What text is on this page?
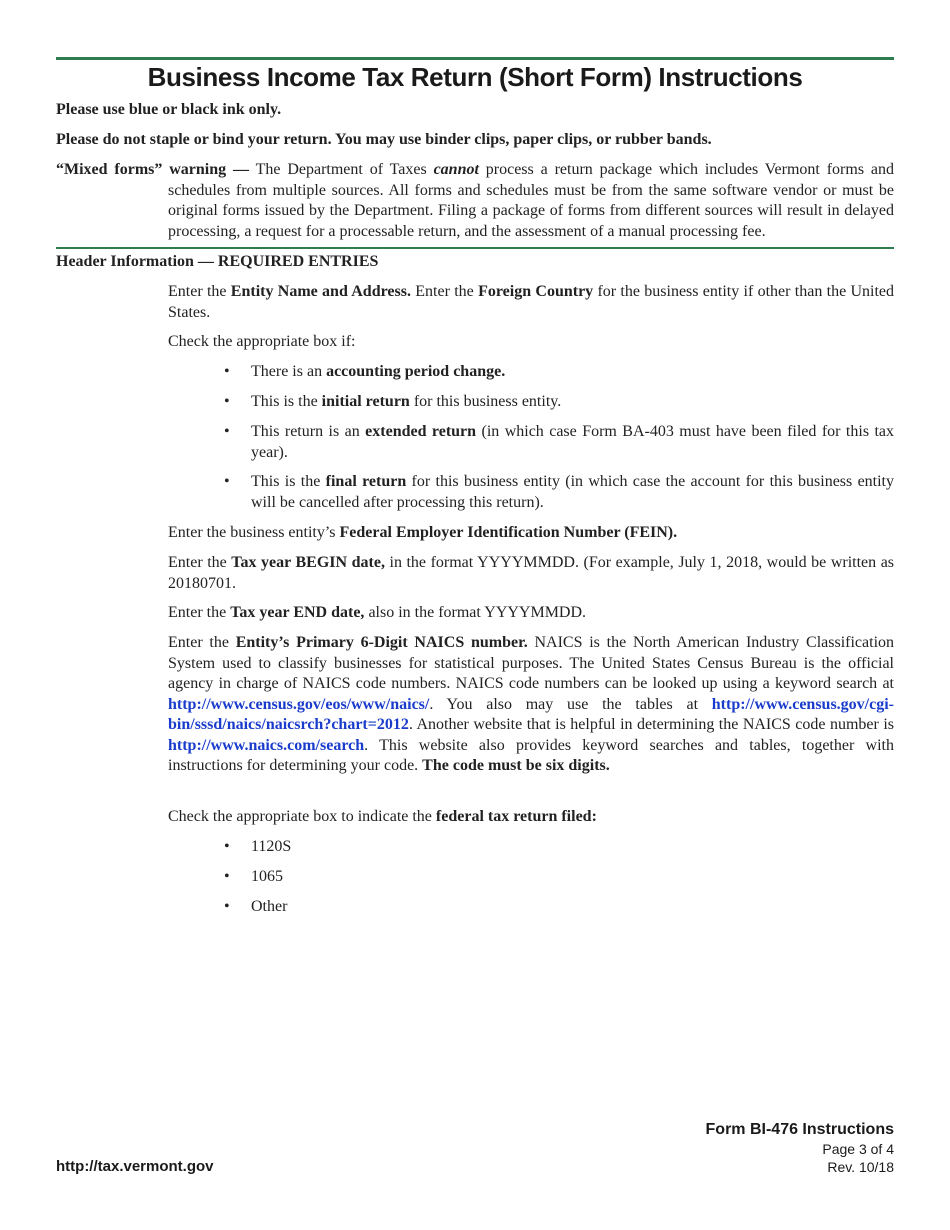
Business Income Tax Return (Short Form) Instructions
Please use blue or black ink only.
Please do not staple or bind your return. You may use binder clips, paper clips, or rubber bands.
“Mixed forms” warning — The Department of Taxes cannot process a return package which includes Vermont forms and schedules from multiple sources. All forms and schedules must be from the same software vendor or must be original forms issued by the Department. Filing a package of forms from different sources will result in delayed processing, a request for a processable return, and the assessment of a manual processing fee.
Header Information — REQUIRED ENTRIES
Enter the Entity Name and Address. Enter the Foreign Country for the business entity if other than the United States.
Check the appropriate box if:
•	There is an accounting period change.
•	This is the initial return for this business entity.
•	This return is an extended return (in which case Form BA-403 must have been filed for this tax year).
•	This is the final return for this business entity (in which case the account for this business entity will be cancelled after processing this return).
Enter the business entity’s Federal Employer Identification Number (FEIN).
Enter the Tax year BEGIN date, in the format YYYYMMDD. (For example, July 1, 2018, would be written as 20180701.
Enter the Tax year END date, also in the format YYYYMMDD.
Enter the Entity’s Primary 6-Digit NAICS number. NAICS is the North American Industry Classification System used to classify businesses for statistical purposes. The United States Census Bureau is the official agency in charge of NAICS code numbers. NAICS code numbers can be looked up using a keyword search at http://www.census.gov/eos/www/naics/. You also may use the tables at http://www.census.gov/cgi-bin/sssd/naics/naicsrch?chart=2012. Another website that is helpful in determining the NAICS code number is http://www.naics.com/search. This website also provides keyword searches and tables, together with instructions for determining your code. The code must be six digits.
Check the appropriate box to indicate the federal tax return filed:
•	1120S
•	1065
•	Other
Form BI-476 Instructions
Page 3 of 4
Rev. 10/18
http://tax.vermont.gov
